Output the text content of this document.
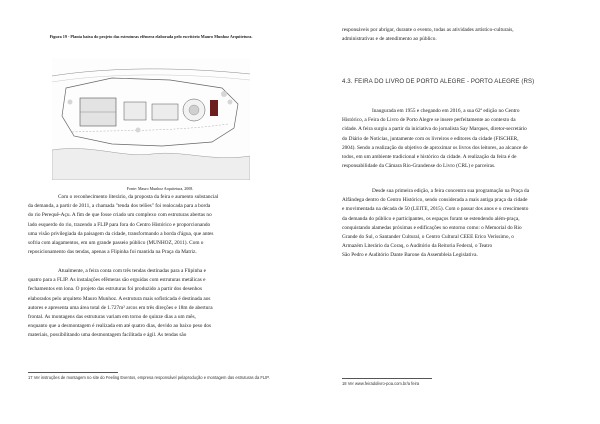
Figura 19 - Planta baixa do projeto das estruturas efêmera elaborada pelo escritório Mauro Munhoz Arquitetura.
Fonte: Mauro Munhoz Arquitetura, 2008.
Com o reconhecimento literário, da proposta da feira e aumento substancial
da demanda, a partir de 2011, a chamada "tenda dos telões" foi realocada para a borda
do rio Perequê-Açu. A fim de que fosse criado um complexo com estruturas abertas no
lado esquerdo do rio, trazendo a FLIP para fora do Centro Histórico e proporcionando
uma visão privilegiada da paisagem da cidade, transformando a borda d'água, que antes
sofria com alagamentos, em um grande passeio público (MUNHOZ, 2011). Com o
reposicionamento das tendas, apenas a Flipinha foi mantida na Praça da Matriz.
Atualmente, a feira conta com três tendas destinadas para a Flipinha e
quatro para a FLIP. As instalações efêmeras são erguidas com estruturas metálicas e
fechamentos em lona. O projeto das estruturas foi produzido a partir dos desenhos
elaborados pelo arquiteto Mauro Munhoz. A estrutura mais sofisticada é destinada aos
autores e apresenta uma área total de 1.727m² arcos em três direções e 18m de abertura
frontal. As montagens das estruturas variam em torno de quinze dias a um mês,
enquanto que a desmontagem é realizada em até quatro dias, devido ao baixo peso dos
materiais, possibilitando uma desmontagem facilitada e ágil. As tendas são
17 Ver instruções de montagem no site do Feeling Eventos, empresa responsável pelaprodução e montagem das estruturas da FLIP.
responsáveis por abrigar, durante o evento, todas as atividades artístico-culturais,
administrativas e de atendimento ao público.
4.3. FEIRA DO LIVRO DE PORTO ALEGRE - PORTO ALEGRE (RS)
Inaugurada em 1955 e chegando em 2016, a sua 62ª edição no Centro
Histórico, a Feira do Livro de Porto Alegre se insere perfeitamente ao contexto da
cidade. A feira surgiu a partir da iniciativa do jornalista Say Marques, diretor-secretário
do Diário de Notícias, juntamente com os livreiros e editores da cidade (FISCHER,
2004). Sendo a realização do objetivo de aproximar os livros dos leitores, ao alcance de
todos, em um ambiente tradicional e histórico da cidade. A realização da feira é de
responsabilidade da Câmara Rio-Grandense do Livro (CRL) e parceiras.
Desde sua primeira edição, a feira concentra sua programação na Praça da
Alfândega dentro do Centro Histórico, sendo considerada a mais antiga praça da cidade
e movimentada na década de 50 (LEITE, 2015). Com o passar dos anos e o crescimento
da demanda do público e participantes, os espaços foram se estendendo além-praça,
conquistando alamedas próximas e edificações no entorno como: o Memorial do Rio
Grande do Sul, o Santander Cultural, o Centro Cultural CEEE Erico Veríssimo, o
Armazém Literário da Coraq, o Auditório da Reitoria Federal, o Teatro
São Pedro e Auditório Dante Barone da Assembleia Legislativa.
18 Ver www.feiradolivro-poa.com.br/a feira
